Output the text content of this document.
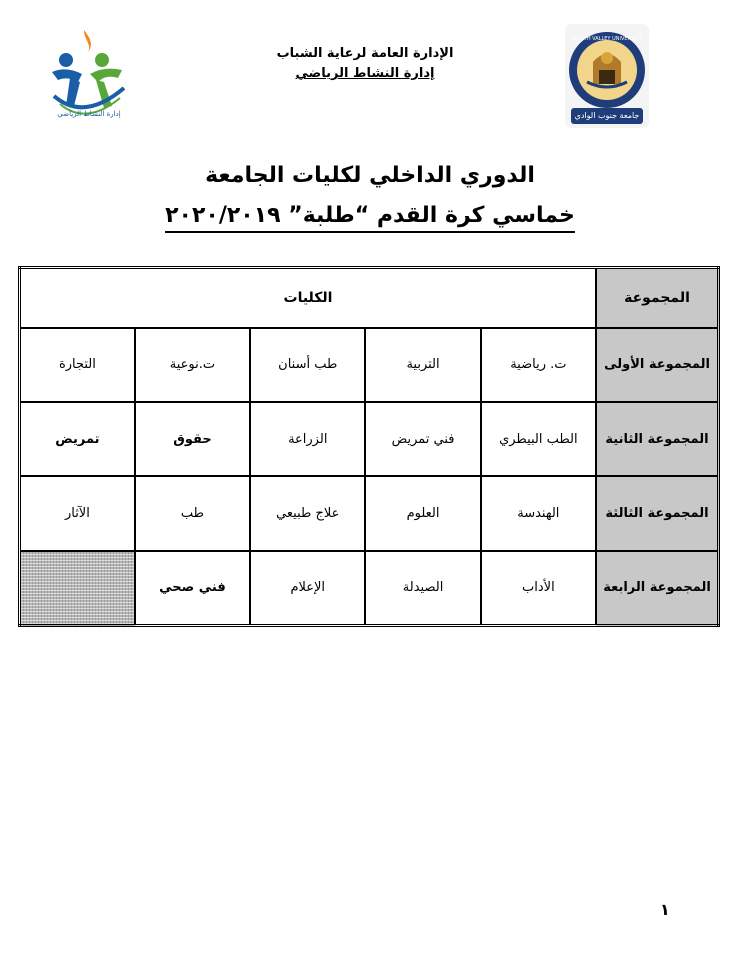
إدارة النشاط الرياضي
SOUTH VALLEY UNIVERSITY
جامعة جنوب الوادي
الإدارة العامة لرعاية الشباب
إدارة النشاط الرياضي
الدوري الداخلي لكليات الجامعة
خماسي كرة القدم “طلبة” ٢٠٢٠/٢٠١٩
المجموعة	الكليات				
المجموعة الأولى	ت. رياضية	التربية	طب أسنان	ت.نوعية	التجارة
المجموعة الثانية	الطب البيطري	فني تمريض	الزراعة	حقوق	تمريض
المجموعة الثالثة	الهندسة	العلوم	علاج طبيعي	طب	الآثار
المجموعة الرابعة	الأداب	الصيدلة	الإعلام	فني صحي	
١
